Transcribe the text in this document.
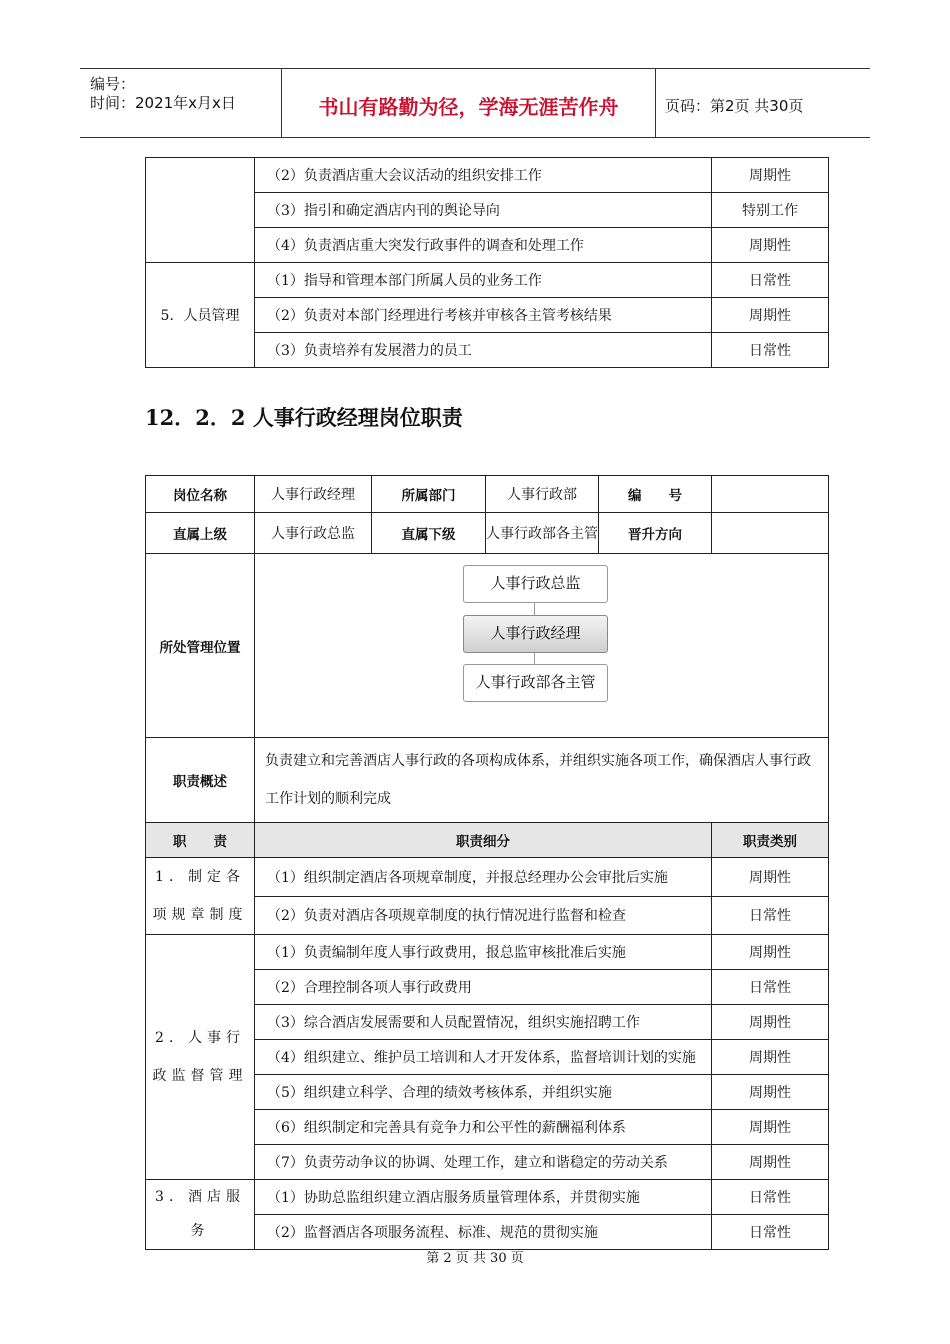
编号：
时间：2021年x月x日	书山有路勤为径，学海无涯苦作舟	页码：第2页 共30页
	（2）负责酒店重大会议活动的组织安排工作	周期性
	（3）指引和确定酒店内刊的舆论导向	特别工作
	（4）负责酒店重大突发行政事件的调查和处理工作	周期性
5．人员管理	（1）指导和管理本部门所属人员的业务工作	日常性
	（2）负责对本部门经理进行考核并审核各主管考核结果	周期性
	（3）负责培养有发展潜力的员工	日常性
12．2．2 人事行政经理岗位职责
岗位名称	人事行政经理	所属部门	人事行政部	编　　号	
直属上级	人事行政总监	直属下级	人事行政部各主管	晋升方向	
所处管理位置	人事行政总监
人事行政经理
人事行政部各主管				

职责概述	负责建立和完善酒店人事行政的各项构成体系，并组织实施各项工作，确保酒店人事行政工作计划的顺利完成				
职　　责	职责细分				职责类别
1．制定各项规章制度	（1）组织制定酒店各项规章制度，并报总经理办公会审批后实施				周期性
	（2）负责对酒店各项规章制度的执行情况进行监督和检查				日常性
2．人事行政监督管理	（1）负责编制年度人事行政费用，报总监审核批准后实施				周期性
	（2）合理控制各项人事行政费用				日常性
	（3）综合酒店发展需要和人员配置情况，组织实施招聘工作				周期性
	（4）组织建立、维护员工培训和人才开发体系，监督培训计划的实施				周期性
	（5）组织建立科学、合理的绩效考核体系，并组织实施				周期性
	（6）组织制定和完善具有竞争力和公平性的薪酬福利体系				周期性
	（7）负责劳动争议的协调、处理工作，建立和谐稳定的劳动关系				周期性
3．酒店服务	（1）协助总监组织建立酒店服务质量管理体系，并贯彻实施				日常性
	（2）监督酒店各项服务流程、标准、规范的贯彻实施				日常性
第 2 页 共 30 页
